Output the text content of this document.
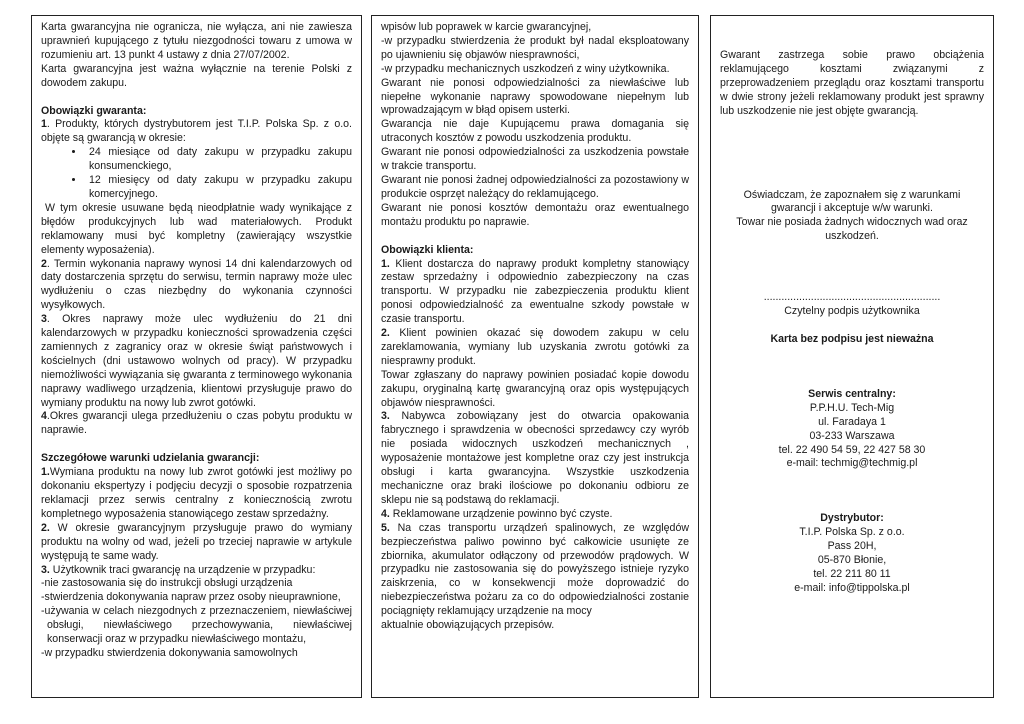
Karta gwarancyjna nie ogranicza, nie wyłącza, ani nie zawiesza uprawnień kupującego z tytułu niezgodności towaru z umowa w rozumieniu art. 13 punkt 4 ustawy z dnia 27/07/2002.

Karta gwarancyjna jest ważna wyłącznie na terenie Polski z dowodem zakupu.

Obowiązki gwaranta:

1. Produkty, których dystrybutorem jest T.I.P. Polska Sp. z o.o. objęte są gwarancją w okresie:

• 24 miesiące od daty zakupu w przypadku zakupu konsumenckiego,
• 12 miesięcy od daty zakupu w przypadku zakupu komercyjnego.

W tym okresie usuwane będą nieodpłatnie wady wynikające z błędów produkcyjnych lub wad materiałowych. Produkt reklamowany musi być kompletny (zawierający wszystkie elementy wyposażenia).

2. Termin wykonania naprawy wynosi 14 dni kalendarzowych od daty dostarczenia sprzętu do serwisu, termin naprawy może ulec wydłużeniu o czas niezbędny do wykonania czynności wysyłkowych.

3. Okres naprawy może ulec wydłużeniu do 21 dni kalendarzowych w przypadku konieczności sprowadzenia części zamiennych z zagranicy oraz w okresie świąt państwowych i kościelnych (dni ustawowo wolnych od pracy). W przypadku niemożliwości wywiązania się gwaranta z terminowego wykonania naprawy wadliwego urządzenia, klientowi przysługuje prawo do wymiany produktu na nowy lub zwrot gotówki.

4.Okres gwarancji ulega przedłużeniu o czas pobytu produktu w naprawie.

Szczegółowe warunki udzielania gwarancji:

1.Wymiana produktu na nowy lub zwrot gotówki jest możliwy po dokonaniu ekspertyzy i podjęciu decyzji o sposobie rozpatrzenia reklamacji przez serwis centralny z koniecznością zwrotu kompletnego wyposażenia stanowiącego zestaw sprzedażny.

2. W okresie gwarancyjnym przysługuje prawo do wymiany produktu na wolny od wad, jeżeli po trzeciej naprawie w artykule występują te same wady.

3. Użytkownik traci gwarancję na urządzenie w przypadku:

-nie zastosowania się do instrukcji obsługi urządzenia

-stwierdzenia dokonywania napraw przez osoby nieuprawnione,

-używania w celach niezgodnych z przeznaczeniem, niewłaściwej obsługi, niewłaściwego przechowywania, niewłaściwej konserwacji oraz w przypadku niewłaściwego montażu,

-w przypadku stwierdzenia dokonywania samowolnych

wpisów lub poprawek w karcie gwarancyjnej,

-w przypadku stwierdzenia że produkt był nadal eksploatowany po ujawnieniu się objawów niesprawności,

-w przypadku mechanicznych uszkodzeń z winy użytkownika.

Gwarant nie ponosi odpowiedzialności za niewłaściwe lub niepełne wykonanie naprawy spowodowane niepełnym lub wprowadzającym w błąd opisem usterki.

Gwarancja nie daje Kupującemu prawa domagania się utraconych kosztów z powodu uszkodzenia produktu.

Gwarant nie ponosi odpowiedzialności za uszkodzenia powstałe w trakcie transportu.

Gwarant nie ponosi żadnej odpowiedzialności za pozostawiony w produkcie osprzęt należący do reklamującego.

Gwarant nie ponosi kosztów demontażu oraz ewentualnego montażu produktu po naprawie.

Obowiązki klienta:

1. Klient dostarcza do naprawy produkt kompletny stanowiący zestaw sprzedażny i odpowiednio zabezpieczony na czas transportu. W przypadku nie zabezpieczenia produktu klient ponosi odpowiedzialność za ewentualne szkody powstałe w czasie transportu.

2. Klient powinien okazać się dowodem zakupu w celu zareklamowania, wymiany lub uzyskania zwrotu gotówki za niesprawny produkt.

Towar zgłaszany do naprawy powinien posiadać kopie dowodu zakupu, oryginalną kartę gwarancyjną oraz opis występujących objawów niesprawności.

3. Nabywca zobowiązany jest do otwarcia opakowania fabrycznego i sprawdzenia w obecności sprzedawcy czy wyrób nie posiada widocznych uszkodzeń mechanicznych , wyposażenie montażowe jest kompletne oraz czy jest instrukcja obsługi i karta gwarancyjna. Wszystkie uszkodzenia mechaniczne oraz braki ilościowe po dokonaniu odbioru ze sklepu nie są podstawą do reklamacji.

4. Reklamowane urządzenie powinno być czyste.

5. Na czas transportu urządzeń spalinowych, ze względów bezpieczeństwa paliwo powinno być całkowicie usunięte ze zbiornika, akumulator odłączony od przewodów prądowych. W przypadku nie zastosowania się do powyższego istnieje ryzyko zaiskrzenia, co w konsekwencji może doprowadzić do niebezpieczeństwa pożaru za co do odpowiedzialności zostanie pociągnięty reklamujący urządzenie na mocy

aktualnie obowiązujących przepisów.

Gwarant zastrzega sobie prawo obciążenia reklamującego kosztami związanymi z przeprowadzeniem przeglądu oraz kosztami transportu w dwie strony jeżeli reklamowany produkt jest sprawny lub uszkodzenie nie jest objęte gwarancją.

Oświadczam, że zapoznałem się z warunkami gwarancji i akceptuje w/w warunki.

Towar nie posiada żadnych widocznych wad oraz uszkodzeń.

............................................................

Czytelny podpis użytkownika

Karta bez podpisu jest nieważna

Serwis centralny:

P.P.H.U. Tech-Mig

ul. Faradaya 1

03-233 Warszawa

tel. 22 490 54 59, 22 427 58 30

e-mail: techmig@techmig.pl

Dystrybutor:

T.I.P. Polska Sp. z o.o.

Pass 20H,

05-870 Błonie,

tel. 22 211 80 11

e-mail: info@tippolska.pl
